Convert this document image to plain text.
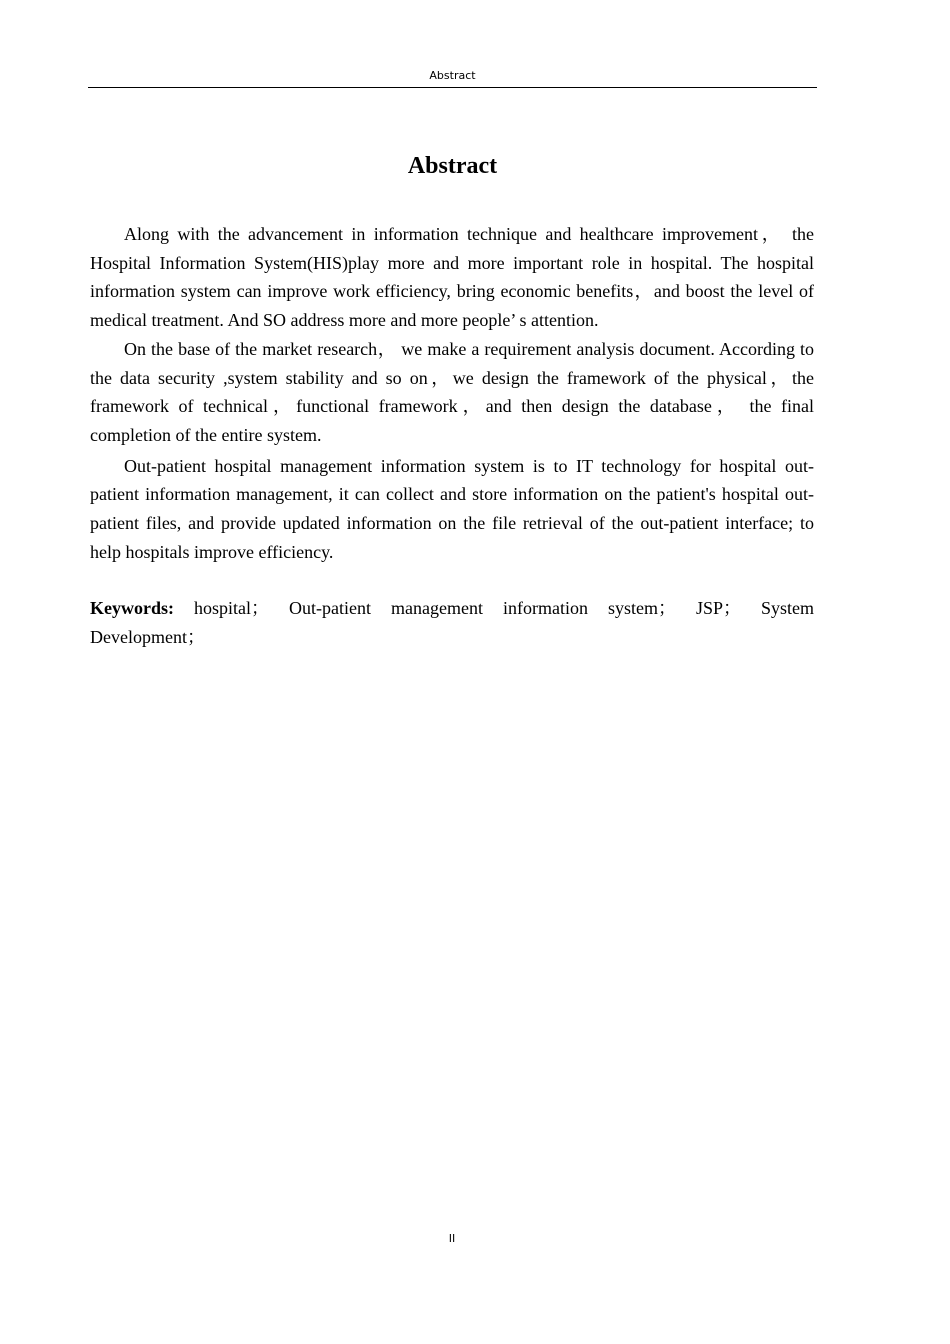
Abstract
Abstract

Along with the advancement in information technique and healthcare improvement， the Hospital Information System(HIS)play more and more important role in hospital. The hospital information system can improve work efficiency, bring economic benefits，and boost the level of medical treatment. And SO address more and more people’ s attention.

On the base of the market research， we make a requirement analysis document. According to the data security ,system stability and so on，we design the framework of the physical，the framework of technical，functional framework，and then design the database， the final completion of the entire system.

Out-patient hospital management information system is to IT technology for hospital out-patient information management, it can collect and store information on the patient's hospital out-patient files, and provide updated information on the file retrieval of the out-patient interface; to help hospitals improve efficiency.

Keywords: hospital； Out-patient management information system； JSP； System Development；
II
